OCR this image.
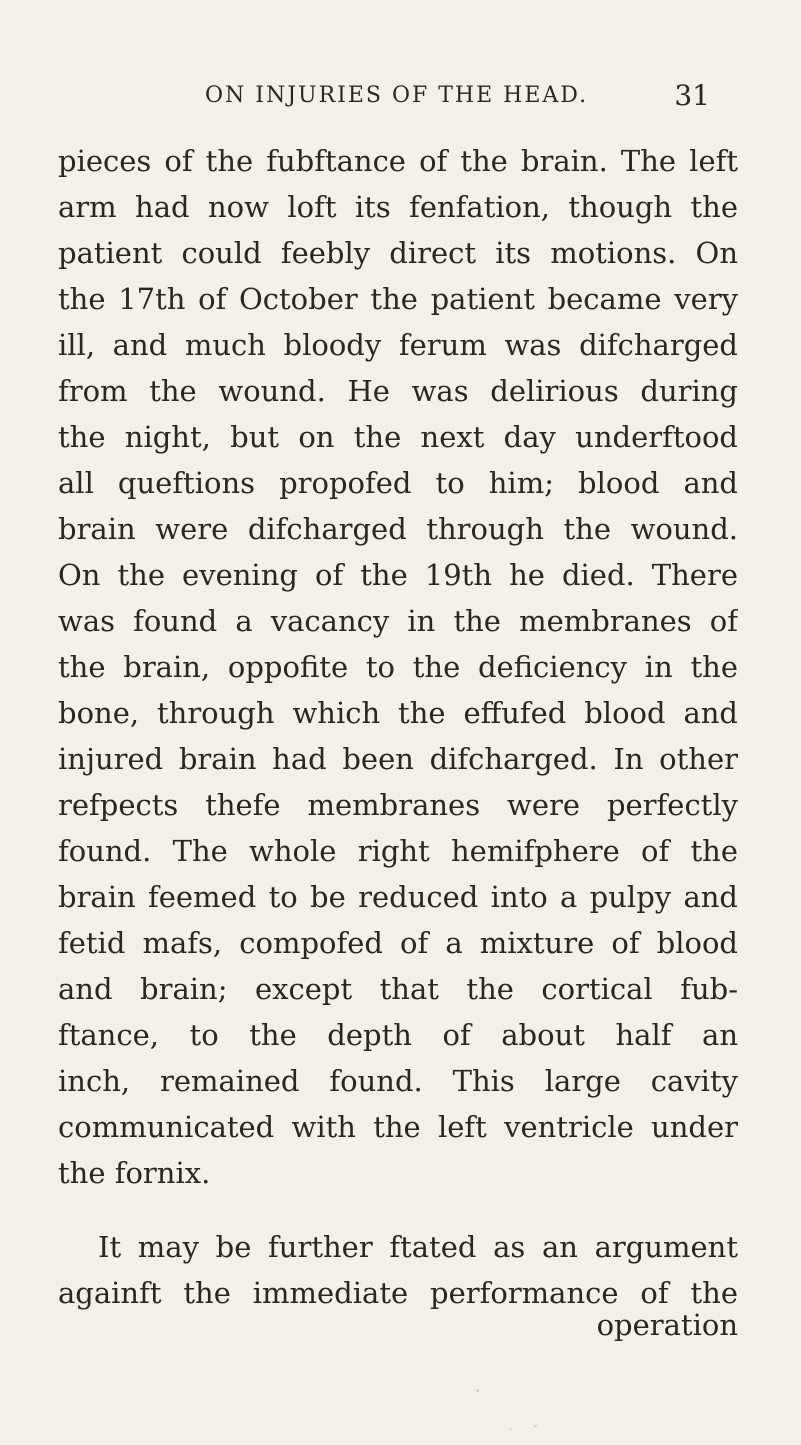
ON INJURIES OF THE HEAD.	31
pieces of the fubftance of the brain. The left
arm had now loft its fenfation, though the
patient could feebly direct its motions. On
the 17th of October the patient became very
ill, and much bloody ferum was difcharged
from the wound. He was delirious during
the night, but on the next day underftood
all queftions propofed to him; blood and
brain were difcharged through the wound.
On the evening of the 19th he died. There
was found a vacancy in the membranes of
the brain, oppofite to the deficiency in the
bone, through which the effufed blood and
injured brain had been difcharged. In other
refpects thefe membranes were perfectly
found. The whole right hemifphere of the
brain feemed to be reduced into a pulpy and
fetid mafs, compofed of a mixture of blood
and brain; except that the cortical fub-
ftance, to the depth of about half an
inch, remained found. This large cavity
communicated with the left ventricle under
the fornix.
It may be further ftated as an argument
againft the immediate performance of the
operation
